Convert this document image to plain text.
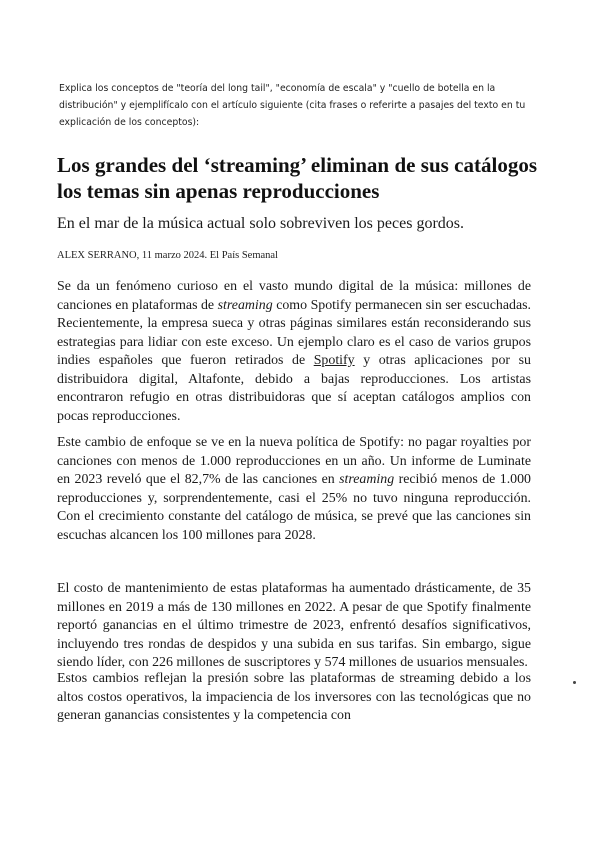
Explica los conceptos de "teoría del long tail", "economía de escala" y "cuello de botella en la distribución" y ejemplifícalo con el artículo siguiente (cita frases o referirte a pasajes del texto en tu explicación de los conceptos):
Los grandes del ‘streaming’ eliminan de sus catálogos los temas sin apenas reproducciones

En el mar de la música actual solo sobreviven los peces gordos.

ALEX SERRANO, 11 marzo 2024. El País Semanal

Se da un fenómeno curioso en el vasto mundo digital de la música: millones de canciones en plataformas de streaming como Spotify permanecen sin ser escuchadas. Recientemente, la empresa sueca y otras páginas similares están reconsiderando sus estrategias para lidiar con este exceso. Un ejemplo claro es el caso de varios grupos indies españoles que fueron retirados de Spotify y otras aplicaciones por su distribuidora digital, Altafonte, debido a bajas reproducciones. Los artistas encontraron refugio en otras distribuidoras que sí aceptan catálogos amplios con pocas reproducciones.

Este cambio de enfoque se ve en la nueva política de Spotify: no pagar royalties por canciones con menos de 1.000 reproducciones en un año. Un informe de Luminate en 2023 reveló que el 82,7% de las canciones en streaming recibió menos de 1.000 reproducciones y, sorprendentemente, casi el 25% no tuvo ninguna reproducción. Con el crecimiento constante del catálogo de música, se prevé que las canciones sin escuchas alcancen los 100 millones para 2028.

El costo de mantenimiento de estas plataformas ha aumentado drásticamente, de 35 millones en 2019 a más de 130 millones en 2022. A pesar de que Spotify finalmente reportó ganancias en el último trimestre de 2023, enfrentó desafíos significativos, incluyendo tres rondas de despidos y una subida en sus tarifas. Sin embargo, sigue siendo líder, con 226 millones de suscriptores y 574 millones de usuarios mensuales.

Estos cambios reflejan la presión sobre las plataformas de streaming debido a los altos costos operativos, la impaciencia de los inversores con las tecnológicas que no generan ganancias consistentes y la competencia con
